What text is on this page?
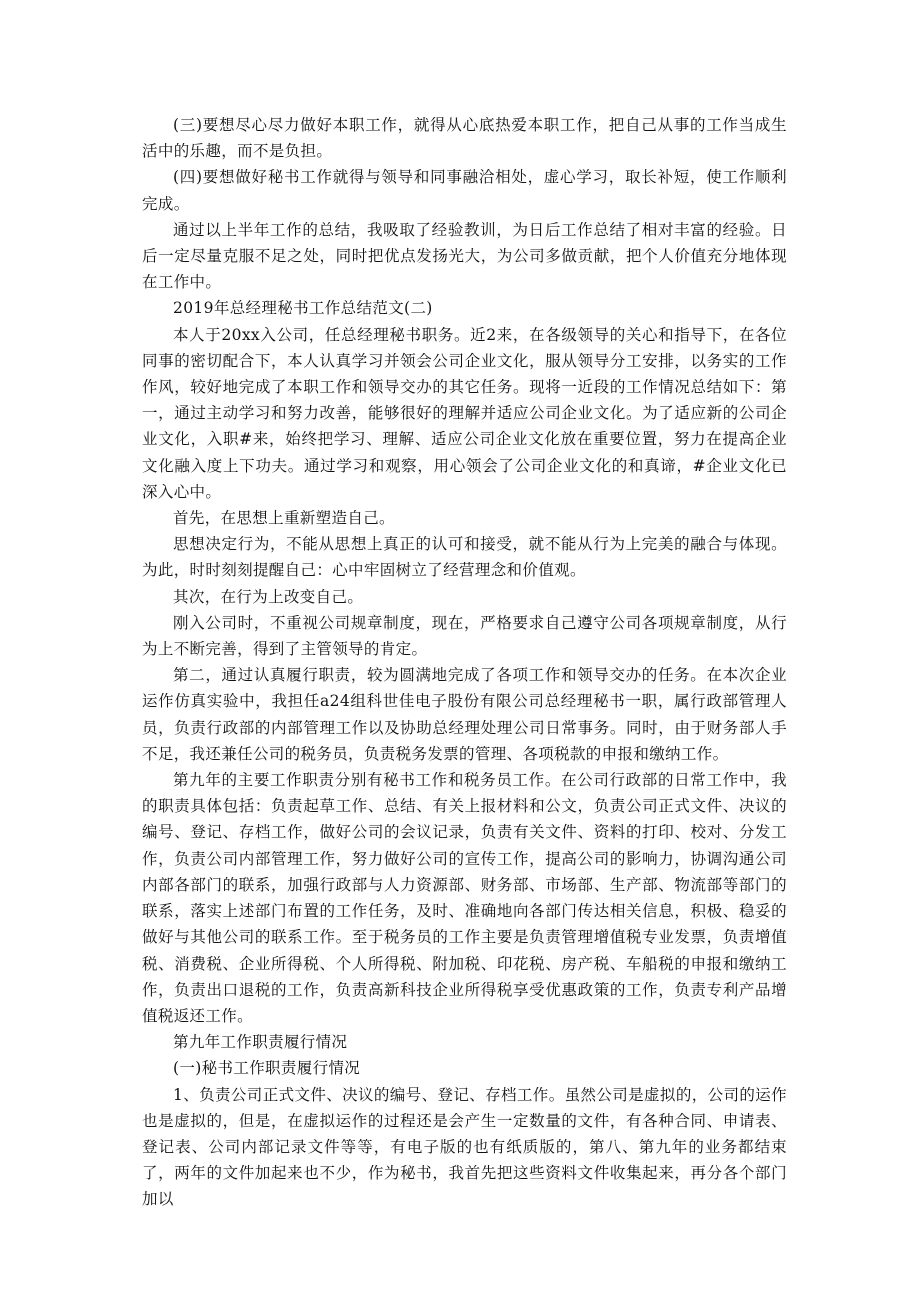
(三)要想尽心尽力做好本职工作，就得从心底热爱本职工作，把自己从事的工作当成生活中的乐趣，而不是负担。

(四)要想做好秘书工作就得与领导和同事融洽相处，虚心学习，取长补短，使工作顺利完成。

通过以上半年工作的总结，我吸取了经验教训，为日后工作总结了相对丰富的经验。日后一定尽量克服不足之处，同时把优点发扬光大，为公司多做贡献，把个人价值充分地体现在工作中。

2019年总经理秘书工作总结范文(二)

本人于20xx入公司，任总经理秘书职务。近2来，在各级领导的关心和指导下，在各位同事的密切配合下，本人认真学习并领会公司企业文化，服从领导分工安排，以务实的工作作风，较好地完成了本职工作和领导交办的其它任务。现将一近段的工作情况总结如下：第一，通过主动学习和努力改善，能够很好的理解并适应公司企业文化。为了适应新的公司企业文化，入职#来，始终把学习、理解、适应公司企业文化放在重要位置，努力在提高企业文化融入度上下功夫。通过学习和观察，用心领会了公司企业文化的和真谛，#企业文化已深入心中。

首先，在思想上重新塑造自己。

思想决定行为，不能从思想上真正的认可和接受，就不能从行为上完美的融合与体现。为此，时时刻刻提醒自己：心中牢固树立了经营理念和价值观。

其次，在行为上改变自己。

刚入公司时，不重视公司规章制度，现在，严格要求自己遵守公司各项规章制度，从行为上不断完善，得到了主管领导的肯定。

第二，通过认真履行职责，较为圆满地完成了各项工作和领导交办的任务。在本次企业运作仿真实验中，我担任a24组科世佳电子股份有限公司总经理秘书一职，属行政部管理人员，负责行政部的内部管理工作以及协助总经理处理公司日常事务。同时，由于财务部人手不足，我还兼任公司的税务员，负责税务发票的管理、各项税款的申报和缴纳工作。

第九年的主要工作职责分别有秘书工作和税务员工作。在公司行政部的日常工作中，我的职责具体包括：负责起草工作、总结、有关上报材料和公文，负责公司正式文件、决议的编号、登记、存档工作，做好公司的会议记录，负责有关文件、资料的打印、校对、分发工作，负责公司内部管理工作，努力做好公司的宣传工作，提高公司的影响力，协调沟通公司内部各部门的联系，加强行政部与人力资源部、财务部、市场部、生产部、物流部等部门的联系，落实上述部门布置的工作任务，及时、准确地向各部门传达相关信息，积极、稳妥的做好与其他公司的联系工作。至于税务员的工作主要是负责管理增值税专业发票，负责增值税、消费税、企业所得税、个人所得税、附加税、印花税、房产税、车船税的申报和缴纳工作，负责出口退税的工作，负责高新科技企业所得税享受优惠政策的工作，负责专利产品增值税返还工作。

第九年工作职责履行情况

(一)秘书工作职责履行情况

1、负责公司正式文件、决议的编号、登记、存档工作。虽然公司是虚拟的，公司的运作也是虚拟的，但是，在虚拟运作的过程还是会产生一定数量的文件，有各种合同、申请表、登记表、公司内部记录文件等等，有电子版的也有纸质版的，第八、第九年的业务都结束了，两年的文件加起来也不少，作为秘书，我首先把这些资料文件收集起来，再分各个部门加以
